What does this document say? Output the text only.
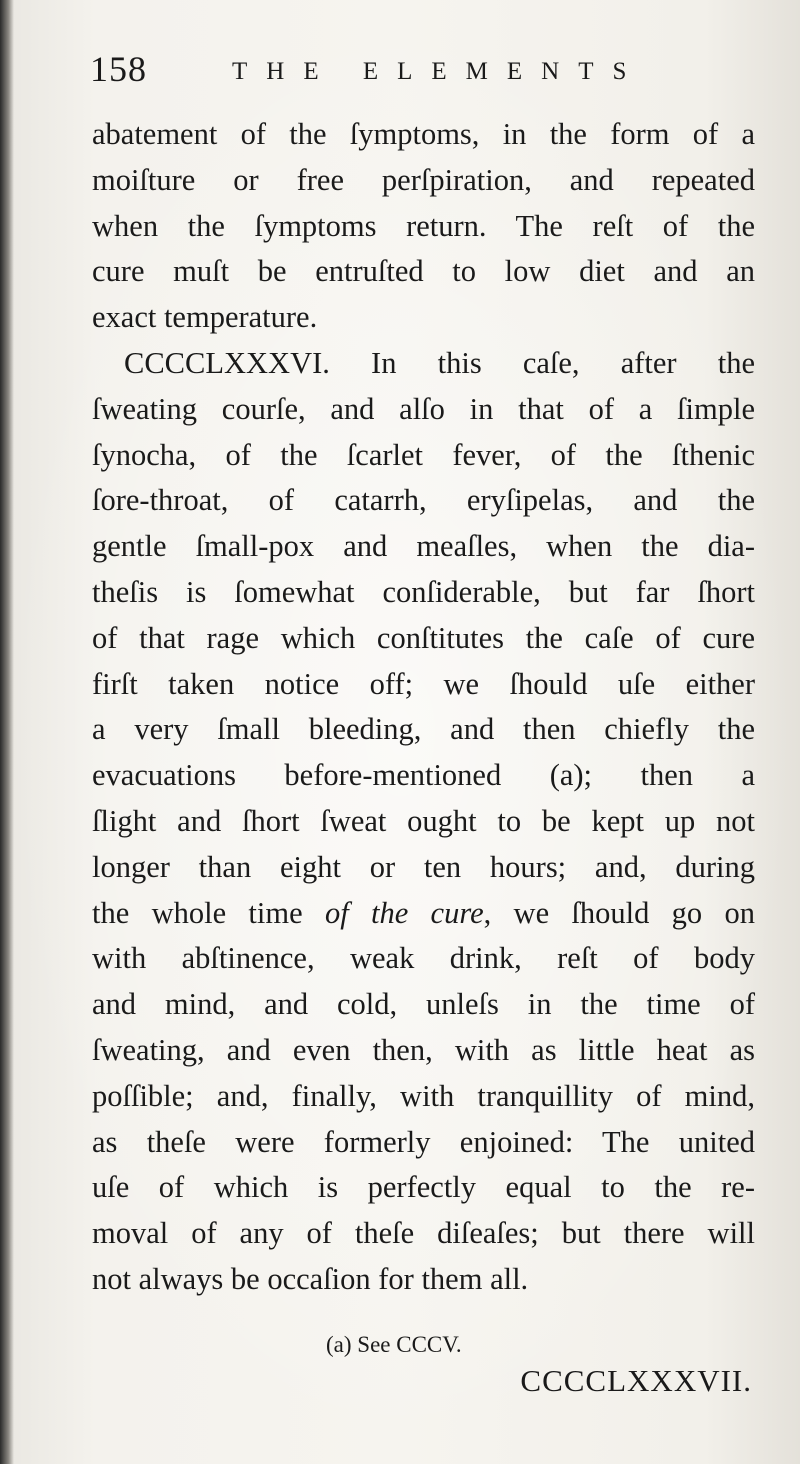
158	THE ELEMENTS
abatement of the ſymptoms, in the form of a
moiſture or free perſpiration, and repeated
when the ſymptoms return. The reſt of the
cure muſt be entruſted to low diet and an
exact temperature.
CCCCLXXXVI. In this caſe, after the
ſweating courſe, and alſo in that of a ſimple
ſynocha, of the ſcarlet fever, of the ſthenic
ſore-throat, of catarrh, eryſipelas, and the
gentle ſmall-pox and meaſles, when the dia-
theſis is ſomewhat conſiderable, but far ſhort
of that rage which conſtitutes the caſe of cure
firſt taken notice off; we ſhould uſe either
a very ſmall bleeding, and then chiefly the
evacuations before-mentioned (a); then a
ſlight and ſhort ſweat ought to be kept up not
longer than eight or ten hours; and, during
the whole time of the cure, we ſhould go on
with abſtinence, weak drink, reſt of body
and mind, and cold, unleſs in the time of
ſweating, and even then, with as little heat as
poſſible; and, finally, with tranquillity of mind,
as theſe were formerly enjoined: The united
uſe of which is perfectly equal to the re-
moval of any of theſe diſeaſes; but there will
not always be occaſion for them all.
(a) See CCCV.
CCCCLXXXVII.
